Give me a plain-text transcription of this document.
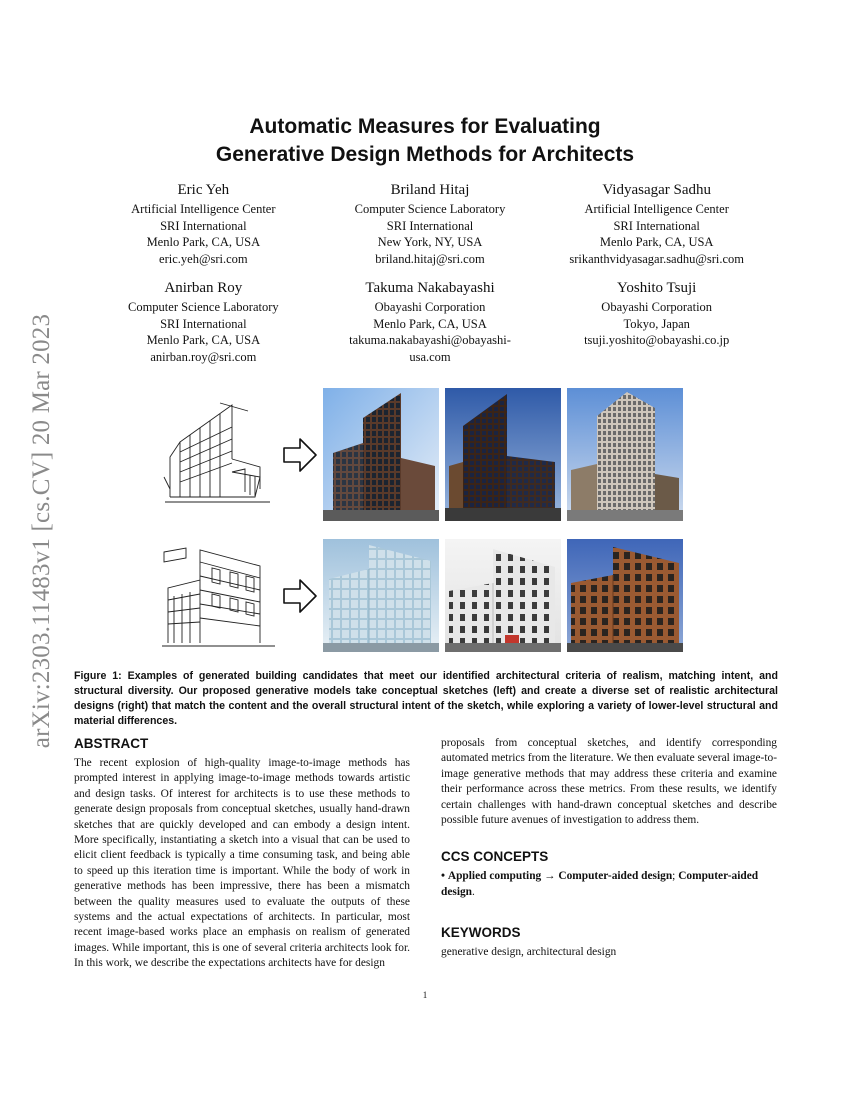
arXiv:2303.11483v1 [cs.CV] 20 Mar 2023
Automatic Measures for Evaluating
Generative Design Methods for Architects
Eric Yeh
Artificial Intelligence Center
SRI International
Menlo Park, CA, USA
eric.yeh@sri.com
Briland Hitaj
Computer Science Laboratory
SRI International
New York, NY, USA
briland.hitaj@sri.com
Vidyasagar Sadhu
Artificial Intelligence Center
SRI International
Menlo Park, CA, USA
srikanthvidyasagar.sadhu@sri.com
Anirban Roy
Computer Science Laboratory
SRI International
Menlo Park, CA, USA
anirban.roy@sri.com
Takuma Nakabayashi
Obayashi Corporation
Menlo Park, CA, USA
takuma.nakabayashi@obayashi-
usa.com
Yoshito Tsuji
Obayashi Corporation
Tokyo, Japan
tsuji.yoshito@obayashi.co.jp

Figure 1: Examples of generated building candidates that meet our identified architectural criteria of realism, matching intent, and structural diversity. Our proposed generative models take conceptual sketches (left) and create a diverse set of realistic architectural designs (right) that match the content and the overall structural intent of the sketch, while exploring a variety of lower-level structural and material differences.

ABSTRACT

The recent explosion of high-quality image-to-image methods has prompted interest in applying image-to-image methods towards artistic and design tasks. Of interest for architects is to use these methods to generate design proposals from conceptual sketches, usually hand-drawn sketches that are quickly developed and can embody a design intent. More specifically, instantiating a sketch into a visual that can be used to elicit client feedback is typically a time consuming task, and being able to speed up this iteration time is important. While the body of work in generative methods has been impressive, there has been a mismatch between the quality measures used to evaluate the outputs of these systems and the actual expectations of architects. In particular, most recent image-based works place an emphasis on realism of generated images. While important, this is one of several criteria architects look for. In this work, we describe the expectations architects have for design

proposals from conceptual sketches, and identify corresponding automated metrics from the literature. We then evaluate several image-to-image generative methods that may address these criteria and examine their performance across these metrics. From these results, we identify certain challenges with hand-drawn conceptual sketches and describe possible future avenues of investigation to address them.

CCS CONCEPTS

• Applied computing → Computer-aided design; Computer-aided design.

KEYWORDS

generative design, architectural design

1
